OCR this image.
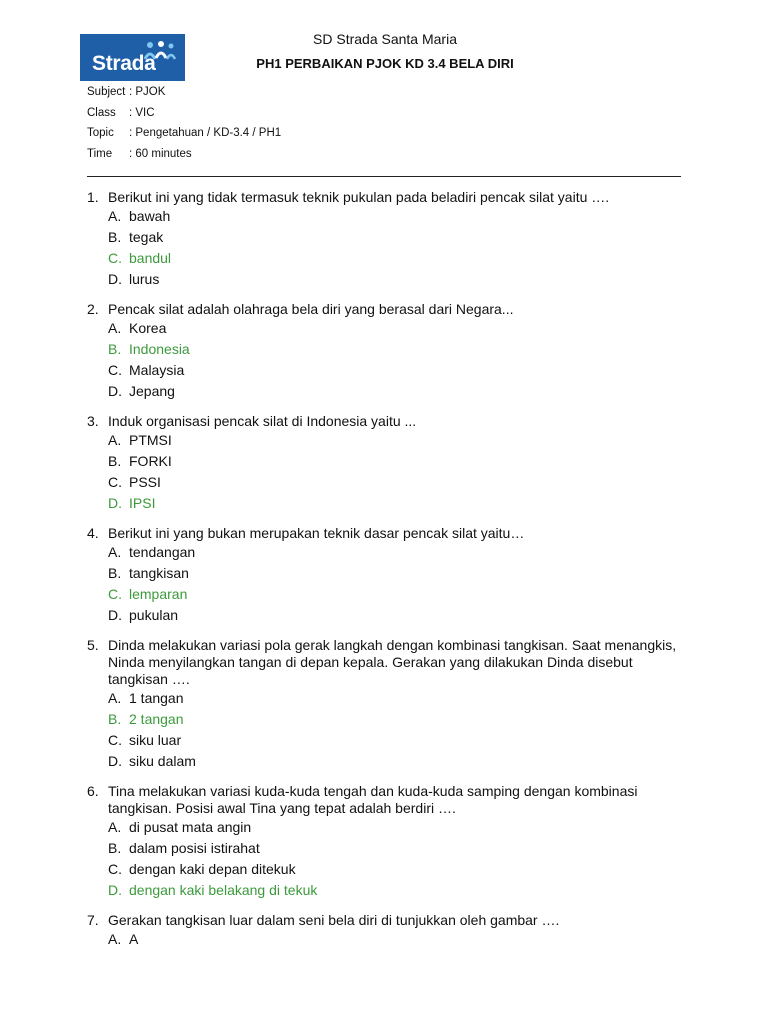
Strada
SD Strada Santa Maria
PH1 PERBAIKAN PJOK KD 3.4 BELA DIRI
Subject : PJOK
Class	: VIC
Topic	: Pengetahuan / KD-3.4 / PH1
Time	: 60 minutes
1. Berikut ini yang tidak termasuk teknik pukulan pada beladiri pencak silat yaitu ….
A. bawah
B. tegak
C. bandul
D. lurus
2. Pencak silat adalah olahraga bela diri yang berasal dari Negara...
A. Korea
B. Indonesia
C. Malaysia
D. Jepang
3. Induk organisasi pencak silat di Indonesia yaitu ...
A. PTMSI
B. FORKI
C. PSSI
D. IPSI
4. Berikut ini yang bukan merupakan teknik dasar pencak silat yaitu…
A. tendangan
B. tangkisan
C. lemparan
D. pukulan
5. Dinda melakukan variasi pola gerak langkah dengan kombinasi tangkisan. Saat menangkis, Ninda menyilangkan tangan di depan kepala. Gerakan yang dilakukan Dinda disebut tangkisan ….
A. 1 tangan
B. 2 tangan
C. siku luar
D. siku dalam
6. Tina melakukan variasi kuda-kuda tengah dan kuda-kuda samping dengan kombinasi tangkisan. Posisi awal Tina yang tepat adalah berdiri ….
A. di pusat mata angin
B. dalam posisi istirahat
C. dengan kaki depan ditekuk
D. dengan kaki belakang di tekuk
7. Gerakan tangkisan luar dalam seni bela diri di tunjukkan oleh gambar ….
A. A
